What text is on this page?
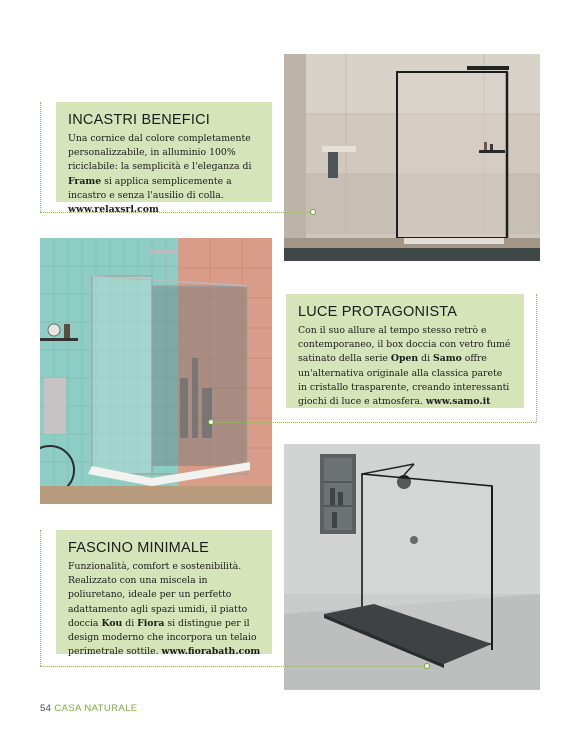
INCASTRI BENEFICI

Una cornice dal colore completamente personalizzabile, in alluminio 100% riciclabile: la semplicità e l'eleganza di Frame si applica semplicemente a incastro e senza l'ausilio di colla. www.relaxsrl.com

LUCE PROTAGONISTA

Con il suo allure al tempo stesso retrò e contemporaneo, il box doccia con vetro fumé satinato della serie Open di Samo offre un'alternativa originale alla classica parete in cristallo trasparente, creando interessanti giochi di luce e atmosfera. www.samo.it

FASCINO MINIMALE

Funzionalità, comfort e sostenibilità. Realizzato con una miscela in poliuretano, ideale per un perfetto adattamento agli spazi umidi, il piatto doccia Kou di Fiora si distingue per il design moderno che incorpora un telaio perimetrale sottile. www.fiorabath.com

54 CASA NATURALE
